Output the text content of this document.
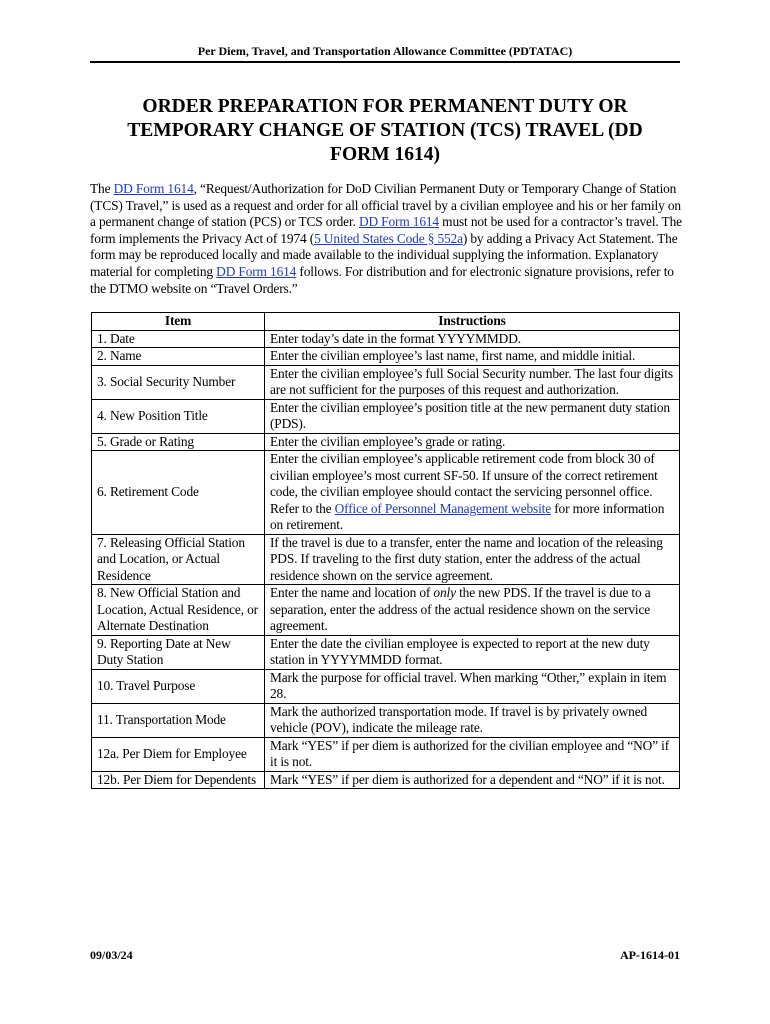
Per Diem, Travel, and Transportation Allowance Committee (PDTATAC)
ORDER PREPARATION FOR PERMANENT DUTY OR
TEMPORARY CHANGE OF STATION (TCS) TRAVEL (DD
FORM 1614)

The DD Form 1614, “Request/Authorization for DoD Civilian Permanent Duty or Temporary Change of Station (TCS) Travel,” is used as a request and order for all official travel by a civilian employee and his or her family on a permanent change of station (PCS) or TCS order. DD Form 1614 must not be used for a contractor’s travel. The form implements the Privacy Act of 1974 (5 United States Code § 552a) by adding a Privacy Act Statement. The form may be reproduced locally and made available to the individual supplying the information. Explanatory material for completing DD Form 1614 follows. For distribution and for electronic signature provisions, refer to the DTMO website on “Travel Orders.”

Item	Instructions
1. Date	Enter today’s date in the format YYYYMMDD.
2. Name	Enter the civilian employee’s last name, first name, and middle initial.
3. Social Security Number	Enter the civilian employee’s full Social Security number. The last four digits are not sufficient for the purposes of this request and authorization.
4. New Position Title	Enter the civilian employee’s position title at the new permanent duty station (PDS).
5. Grade or Rating	Enter the civilian employee’s grade or rating.
6. Retirement Code	Enter the civilian employee’s applicable retirement code from block 30 of civilian employee’s most current SF-50. If unsure of the correct retirement code, the civilian employee should contact the servicing personnel office. Refer to the Office of Personnel Management website for more information on retirement.
7. Releasing Official Station and Location, or Actual Residence	If the travel is due to a transfer, enter the name and location of the releasing PDS. If traveling to the first duty station, enter the address of the actual residence shown on the service agreement.
8. New Official Station and Location, Actual Residence, or Alternate Destination	Enter the name and location of only the new PDS. If the travel is due to a separation, enter the address of the actual residence shown on the service agreement.
9. Reporting Date at New Duty Station	Enter the date the civilian employee is expected to report at the new duty station in YYYYMMDD format.
10. Travel Purpose	Mark the purpose for official travel. When marking “Other,” explain in item 28.
11. Transportation Mode	Mark the authorized transportation mode. If travel is by privately owned vehicle (POV), indicate the mileage rate.
12a. Per Diem for Employee	Mark “YES” if per diem is authorized for the civilian employee and “NO” if it is not.
12b. Per Diem for Dependents	Mark “YES” if per diem is authorized for a dependent and “NO” if it is not.
09/03/24	AP-1614-01
